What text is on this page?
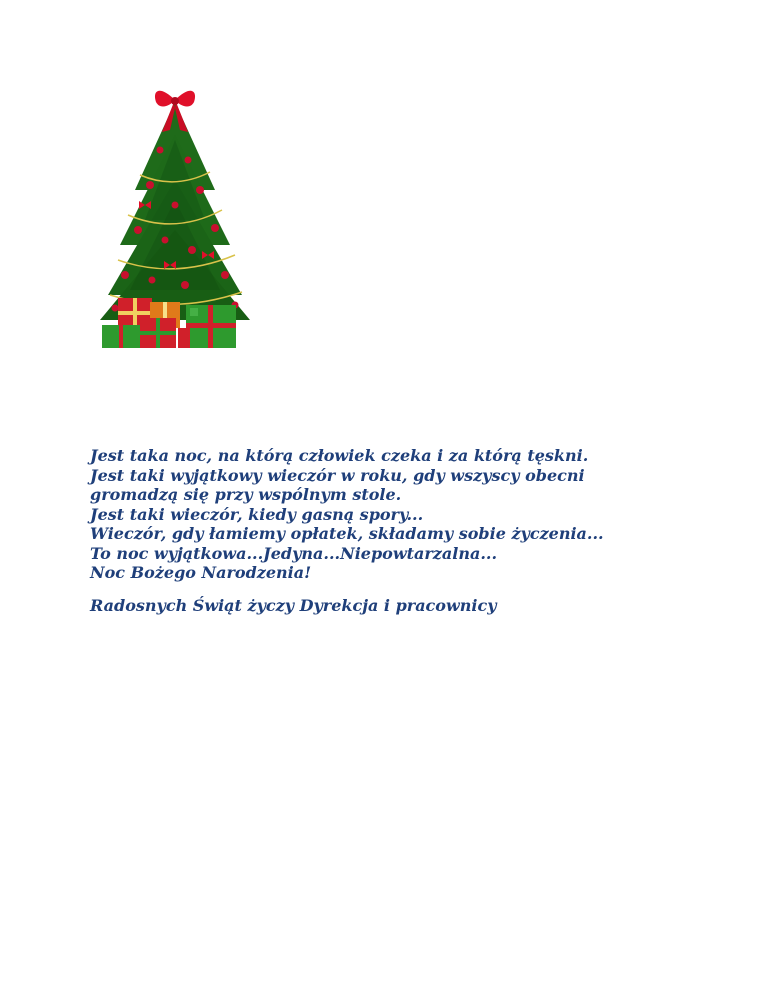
Jest taka noc, na którą człowiek czeka i za którą tęskni.
Jest taki wyjątkowy wieczór w roku, gdy wszyscy obecni
gromadzą się przy wspólnym stole.
Jest taki wieczór, kiedy gasną spory...
Wieczór, gdy łamiemy opłatek, składamy sobie życzenia...
To noc wyjątkowa...Jedyna...Niepowtarzalna...
Noc Bożego Narodzenia!
Radosnych Świąt życzy Dyrekcja i pracownicy
